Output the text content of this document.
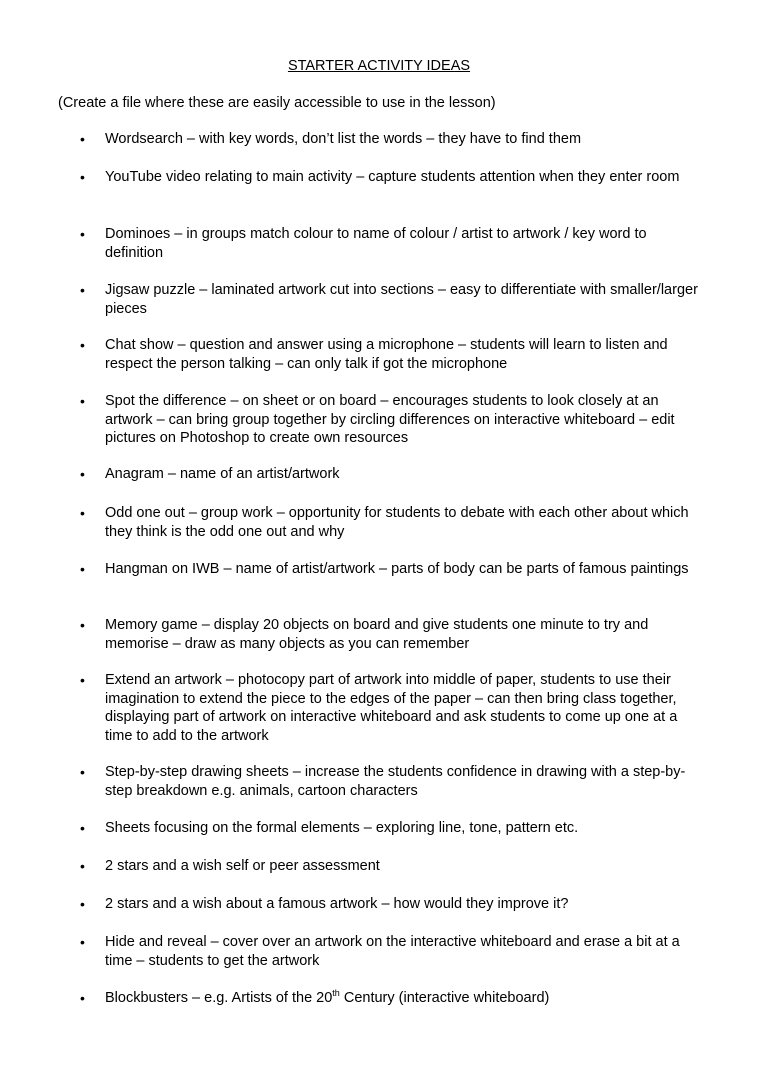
STARTER ACTIVITY IDEAS
(Create a file where these are easily accessible to use in the lesson)
• Wordsearch – with key words, don’t list the words – they have to find them
• YouTube video relating to main activity – capture students attention when they enter room
• Dominoes – in groups match colour to name of colour / artist to artwork / key word to definition
• Jigsaw puzzle – laminated artwork cut into sections – easy to differentiate with smaller/larger pieces
• Chat show – question and answer using a microphone – students will learn to listen and respect the person talking – can only talk if got the microphone
• Spot the difference – on sheet or on board – encourages students to look closely at an artwork – can bring group together by circling differences on interactive whiteboard – edit pictures on Photoshop to create own resources
• Anagram – name of an artist/artwork
• Odd one out – group work – opportunity for students to debate with each other about which they think is the odd one out and why
• Hangman on IWB – name of artist/artwork – parts of body can be parts of famous paintings
• Memory game – display 20 objects on board and give students one minute to try and memorise – draw as many objects as you can remember
• Extend an artwork – photocopy part of artwork into middle of paper, students to use their imagination to extend the piece to the edges of the paper – can then bring class together, displaying part of artwork on interactive whiteboard and ask students to come up one at a time to add to the artwork
• Step-by-step drawing sheets – increase the students confidence in drawing with a step-by-step breakdown e.g. animals, cartoon characters
• Sheets focusing on the formal elements – exploring line, tone, pattern etc.
• 2 stars and a wish self or peer assessment
• 2 stars and a wish about a famous artwork – how would they improve it?
• Hide and reveal – cover over an artwork on the interactive whiteboard and erase a bit at a time – students to get the artwork
• Blockbusters – e.g. Artists of the 20th Century (interactive whiteboard)
